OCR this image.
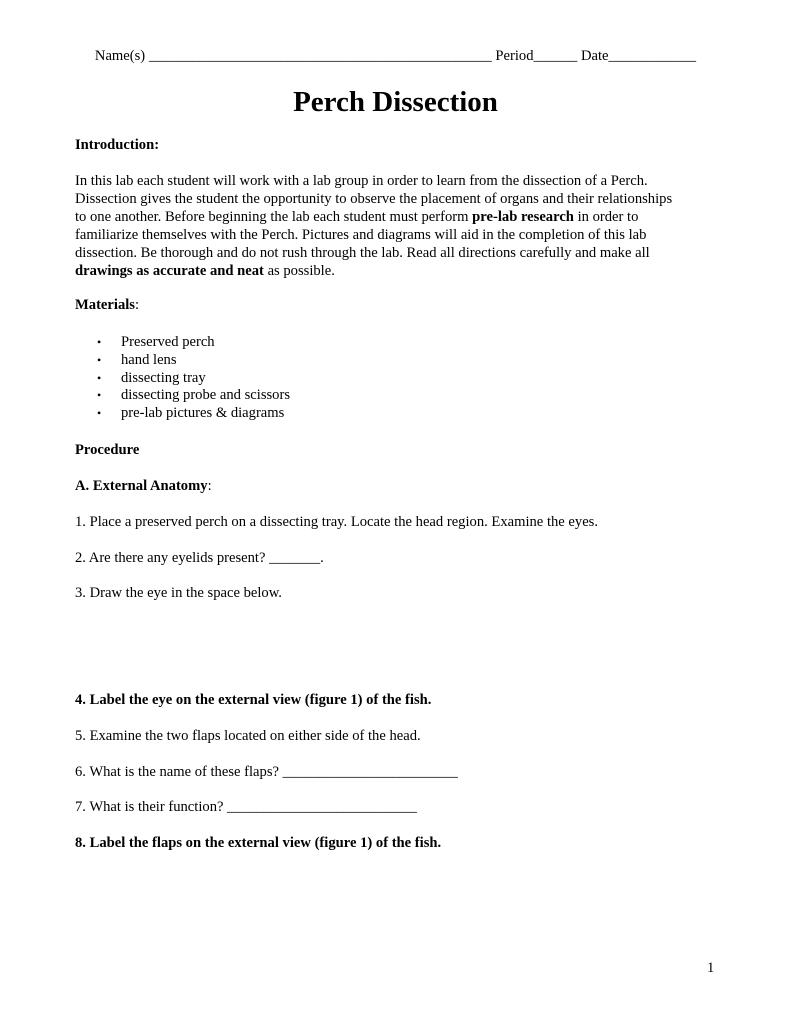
Name(s) _______________________________________________ Period______ Date____________
Perch Dissection
Introduction:
In this lab each student will work with a lab group in order to learn from the dissection of a Perch.
Dissection gives the student the opportunity to observe the placement of organs and their relationships
to one another. Before beginning the lab each student must perform pre-lab research in order to
familiarize themselves with the Perch. Pictures and diagrams will aid in the completion of this lab
dissection. Be thorough and do not rush through the lab. Read all directions carefully and make all
drawings as accurate and neat as possible.
Materials:
• Preserved perch
• hand lens
• dissecting tray
• dissecting probe and scissors
• pre-lab pictures & diagrams
Procedure
A. External Anatomy:
1. Place a preserved perch on a dissecting tray. Locate the head region. Examine the eyes.
2. Are there any eyelids present? _______.
3. Draw the eye in the space below.
4. Label the eye on the external view (figure 1) of the fish.
5. Examine the two flaps located on either side of the head.
6. What is the name of these flaps? ________________________
7. What is their function? __________________________
8. Label the flaps on the external view (figure 1) of the fish.
1
